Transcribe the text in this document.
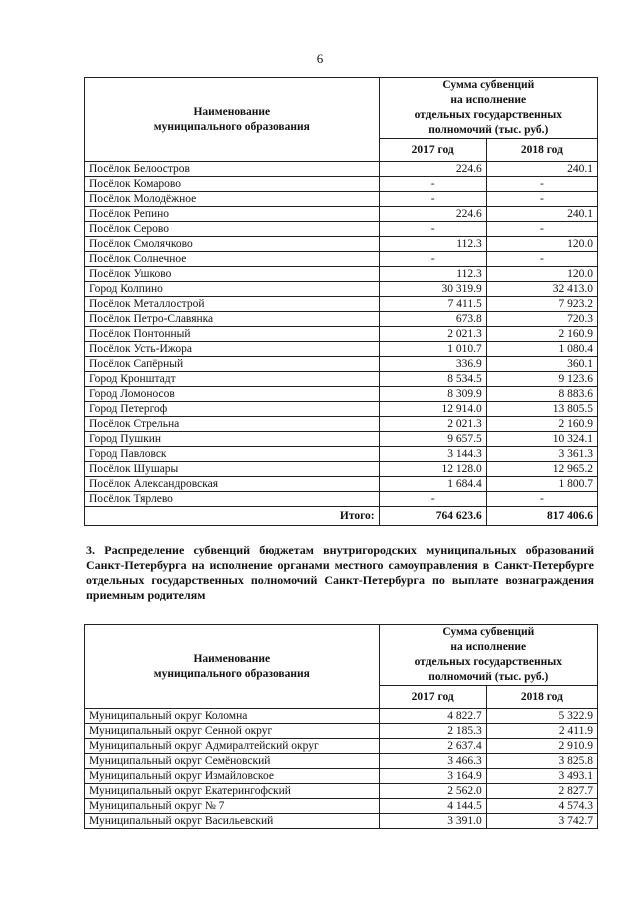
6
Наименование
муниципального образования	Сумма субвенций
на исполнение
отдельных государственных
полномочий (тыс. руб.)	
	2017 год	2018 год
Посёлок Белоостров	224.6	240.1
Посёлок Комарово	-	-
Посёлок Молодёжное	-	-
Посёлок Репино	224.6	240.1
Посёлок Серово	-	-
Посёлок Смолячково	112.3	120.0
Посёлок Солнечное	-	-
Посёлок Ушково	112.3	120.0
Город Колпино	30 319.9	32 413.0
Посёлок Металлострой	7 411.5	7 923.2
Посёлок Петро-Славянка	673.8	720.3
Посёлок Понтонный	2 021.3	2 160.9
Посёлок Усть-Ижора	1 010.7	1 080.4
Посёлок Сапёрный	336.9	360.1
Город Кронштадт	8 534.5	9 123.6
Город Ломоносов	8 309.9	8 883.6
Город Петергоф	12 914.0	13 805.5
Посёлок Стрельна	2 021.3	2 160.9
Город Пушкин	9 657.5	10 324.1
Город Павловск	3 144.3	3 361.3
Посёлок Шушары	12 128.0	12 965.2
Посёлок Александровская	1 684.4	1 800.7
Посёлок Тярлево	-	-
Итого:	764 623.6	817 406.6
3. Распределение субвенций бюджетам внутригородских муниципальных образований Санкт-Петербурга на исполнение органами местного самоуправления в Санкт-Петербурге отдельных государственных полномочий Санкт-Петербурга по выплате вознаграждения приемным родителям
Наименование
муниципального образования	Сумма субвенций
на исполнение
отдельных государственных
полномочий (тыс. руб.)	
	2017 год	2018 год
Муниципальный округ Коломна	4 822.7	5 322.9
Муниципальный округ Сенной округ	2 185.3	2 411.9
Муниципальный округ Адмиралтейский округ	2 637.4	2 910.9
Муниципальный округ Семёновский	3 466.3	3 825.8
Муниципальный округ Измайловское	3 164.9	3 493.1
Муниципальный округ Екатерингофский	2 562.0	2 827.7
Муниципальный округ № 7	4 144.5	4 574.3
Муниципальный округ Васильевский	3 391.0	3 742.7
